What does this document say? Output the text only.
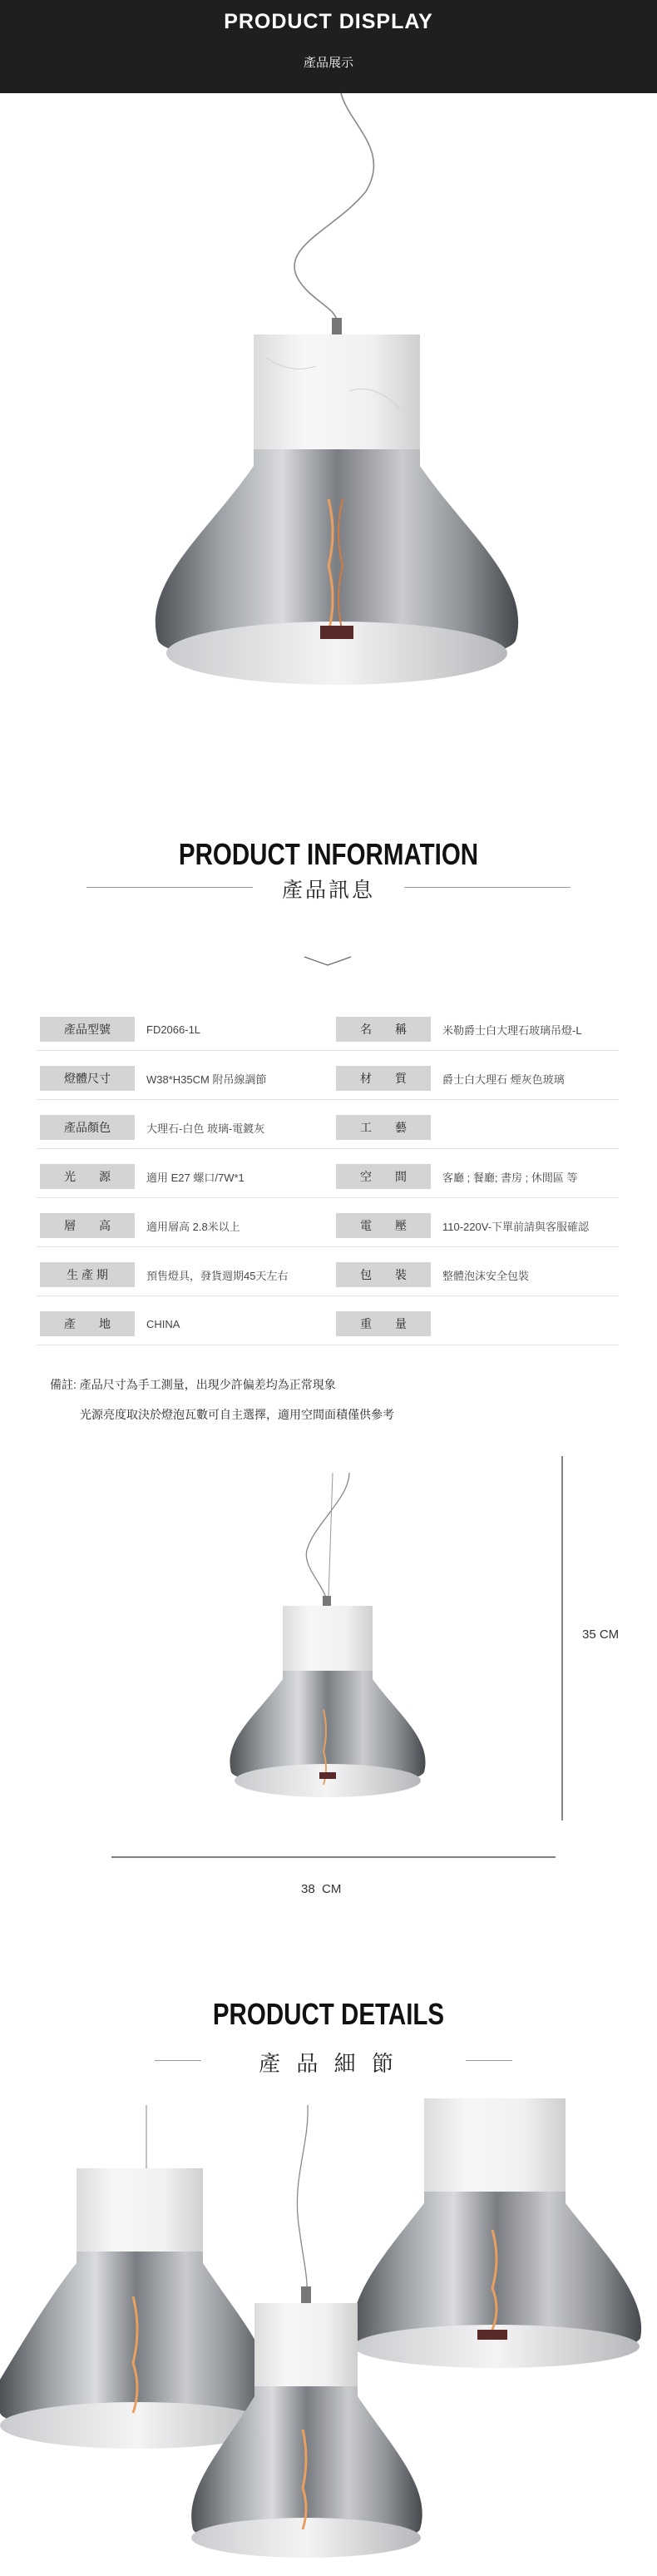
PRODUCT DISPLAY
產品展示
PRODUCT INFORMATION
產品訊息
產品型號	FD2066-1L	名　　稱	米勒爵士白大理石玻璃吊燈-L
燈體尺寸	W38*H35CM 附吊線調節	材　　質	爵士白大理石 煙灰色玻璃
產品顏色	大理石-白色 玻璃-電鍍灰	工　　藝
光　　源	適用 E27 螺口/7W*1	空　　間	客廳 ; 餐廳; 書房 ; 休閒區 等
層　　高	適用層高 2.8米以上	電　　壓	110-220V-下單前請與客服確認
生 產 期	預售燈具，發貨週期45天左右	包　　裝	整體泡沫安全包裝
產　　地	CHINA	重　　量
備註: 產品尺寸為手工測量，出現少許偏差均為正常現象
光源亮度取決於燈泡瓦數可自主選擇，適用空間面積僅供參考
35 CM
38  CM
PRODUCT DETAILS
產 品 細 節
